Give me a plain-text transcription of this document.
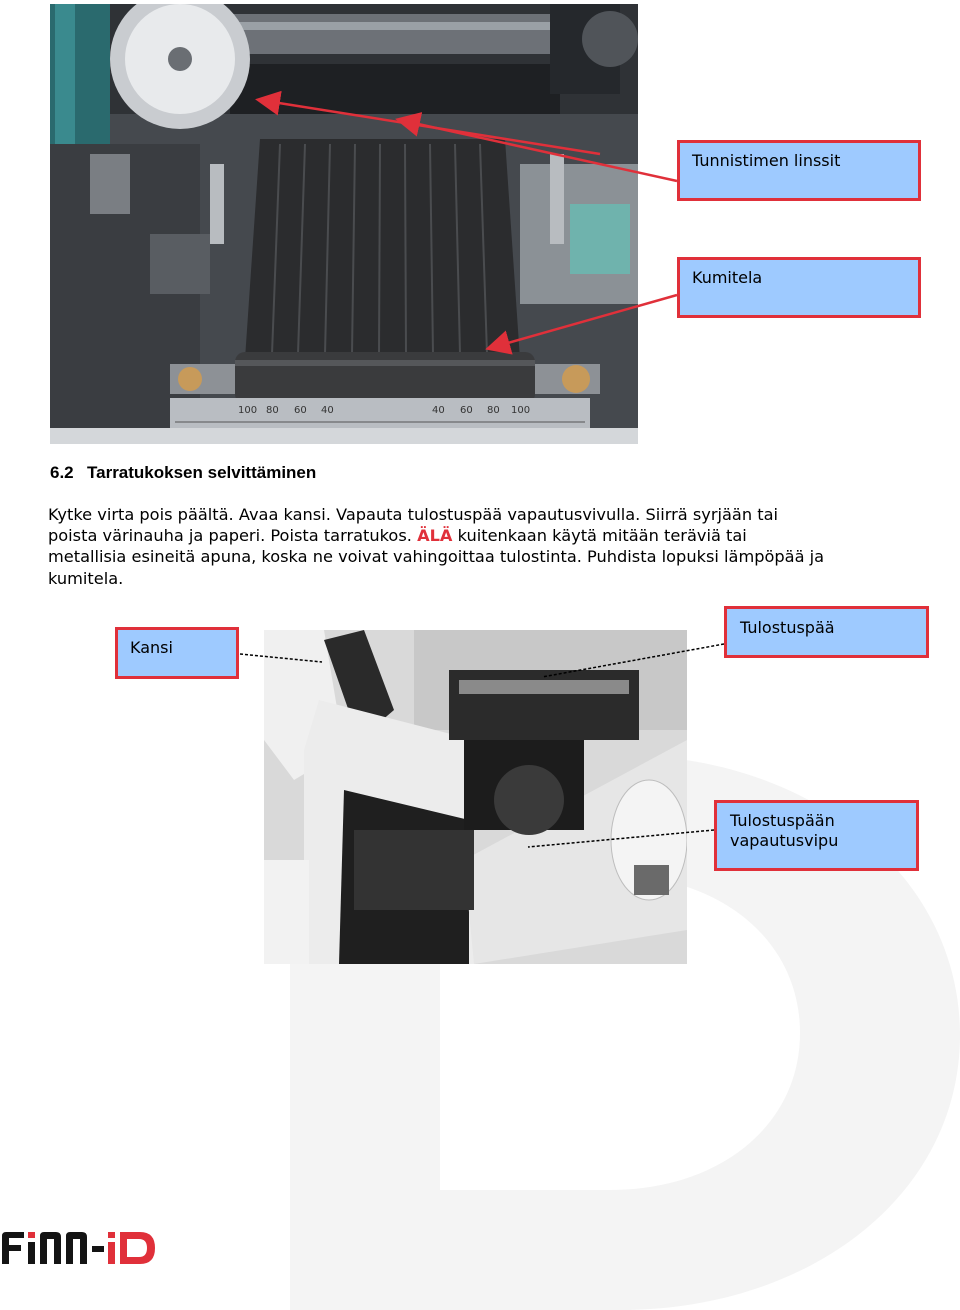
100 80 60 40	40 60 80 100
Tunnistimen linssit
Kumitela
Kansi
Tulostuspää
Tulostuspään
vapautusvipu
6.2 Tarratukoksen selvittäminen

Kytke virta pois päältä. Avaa kansi. Vapauta tulostuspää vapautusvivulla. Siirrä syrjään tai
poista värinauha ja paperi. Poista tarratukos. ÄLÄ kuitenkaan käytä mitään teräviä tai
metallisia esineitä apuna, koska ne voivat vahingoittaa tulostinta. Puhdista lopuksi lämpöpää ja
kumitela.
